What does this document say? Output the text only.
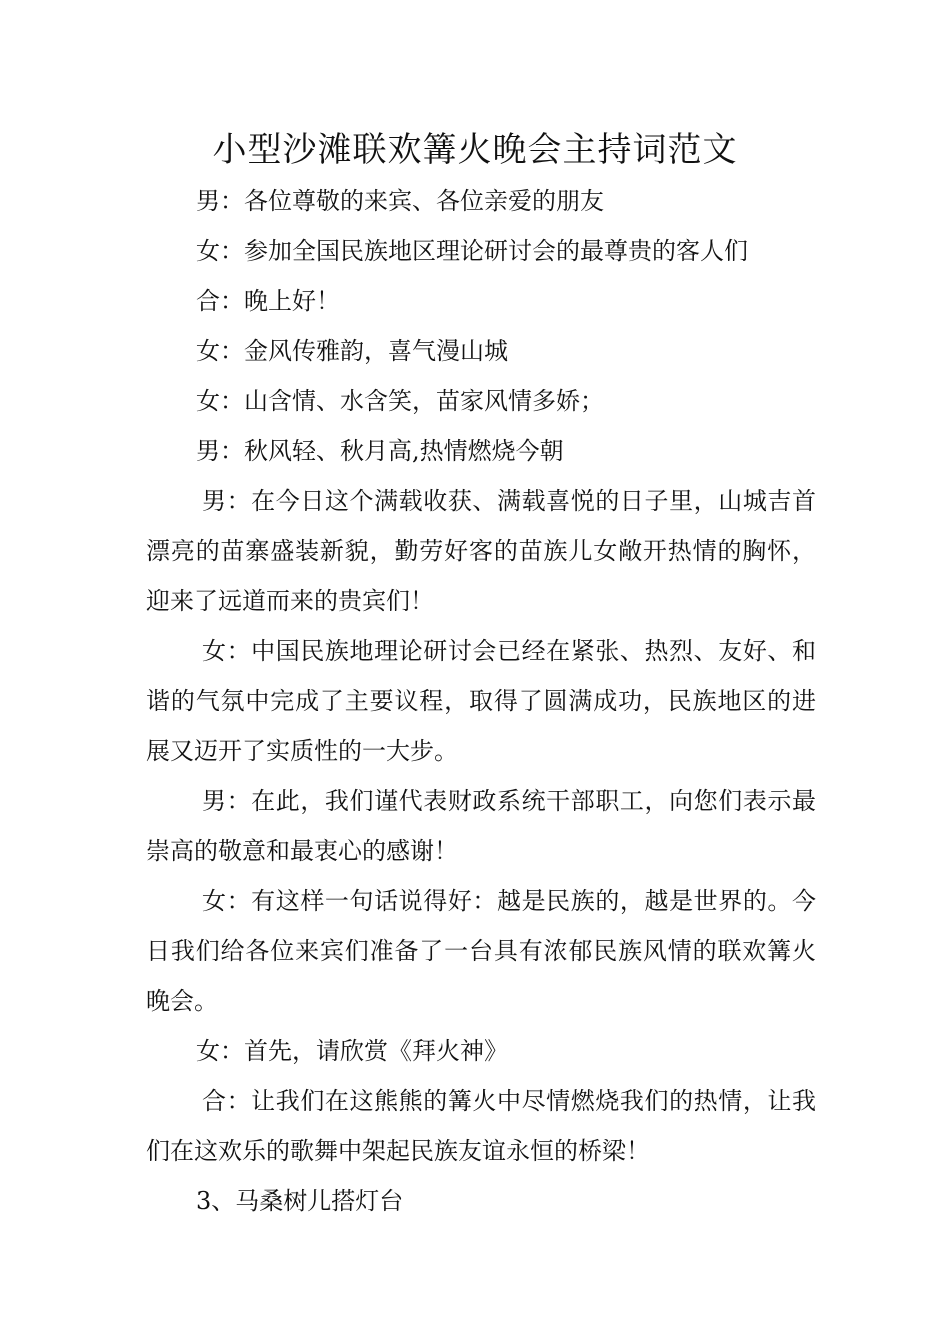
小型沙滩联欢篝火晚会主持词范文

男：各位尊敬的来宾、各位亲爱的朋友

女：参加全国民族地区理论研讨会的最尊贵的客人们

合：晚上好！

女：金风传雅韵，喜气漫山城

女：山含情、水含笑，苗家风情多娇；

男：秋风轻、秋月高,热情燃烧今朝

男：在今日这个满载收获、满载喜悦的日子里，山城吉首漂亮的苗寨盛装新貌，勤劳好客的苗族儿女敞开热情的胸怀，迎来了远道而来的贵宾们！

女：中国民族地理论研讨会已经在紧张、热烈、友好、和谐的气氛中完成了主要议程，取得了圆满成功，民族地区的进展又迈开了实质性的一大步。

男：在此，我们谨代表财政系统干部职工，向您们表示最崇高的敬意和最衷心的感谢！

女：有这样一句话说得好：越是民族的，越是世界的。今日我们给各位来宾们准备了一台具有浓郁民族风情的联欢篝火晚会。

女：首先，请欣赏《拜火神》

合：让我们在这熊熊的篝火中尽情燃烧我们的热情，让我们在这欢乐的歌舞中架起民族友谊永恒的桥梁！

3、马桑树儿搭灯台
